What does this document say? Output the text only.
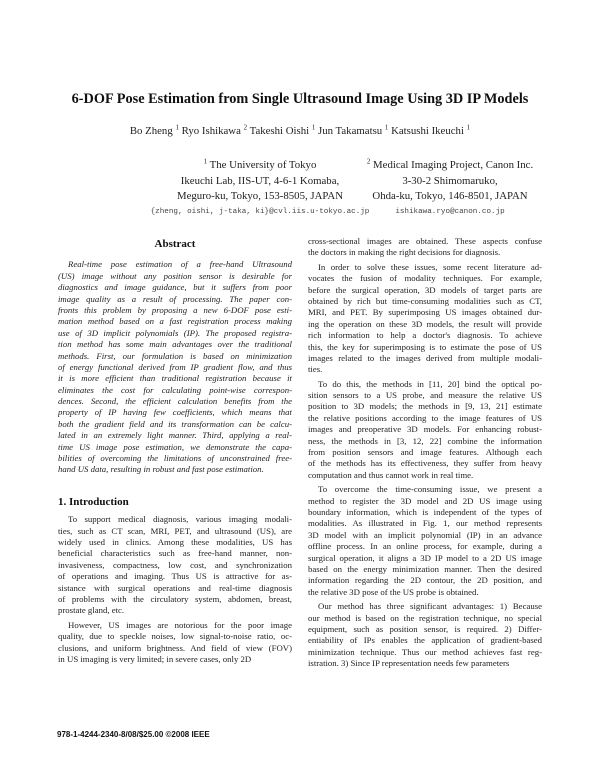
6-DOF Pose Estimation from Single Ultrasound Image Using 3D IP Models
Bo Zheng $^1$ Ryo Ishikawa $^2$ Takeshi Oishi $^1$ Jun Takamatsu $^1$ Katsushi Ikeuchi $^1$
$^1$ The University of Tokyo
Ikeuchi Lab, IIS-UT, 4-6-1 Komaba,
Meguro-ku, Tokyo, 153-8505, JAPAN
{zheng, oishi, j-taka, ki}@cvl.iis.u-tokyo.ac.jp
$^2$ Medical Imaging Project, Canon Inc.
3-30-2 Shimomaruko,
Ohda-ku, Tokyo, 146-8501, JAPAN
ishikawa.ryo@canon.co.jp
Abstract
Real-time pose estimation of a free-hand Ultrasound
(US) image without any position sensor is desirable for
diagnostics and image guidance, but it suffers from poor
image quality as a result of processing. The paper con-
fronts this problem by proposing a new 6-DOF pose esti-
mation method based on a fast registration process making
use of 3D implicit polynomials (IP). The proposed registra-
tion method has some main advantages over the traditional
methods. First, our formulation is based on minimization
of energy functional derived from IP gradient flow, and thus
it is more efficient than traditional registration because it
eliminates the cost for calculating point-wise correspon-
dences. Second, the efficient calculation benefits from the
property of IP having few coefficients, which means that
both the gradient field and its transformation can be calcu-
lated in an extremely light manner. Third, applying a real-
time US image pose estimation, we demonstrate the capa-
bilities of overcoming the limitations of unconstrained free-
hand US data, resulting in robust and fast pose estimation.
1. Introduction
To support medical diagnosis, various imaging modali-
ties, such as CT scan, MRI, PET, and ultrasound (US), are
widely used in clinics. Among these modalities, US has
beneficial characteristics such as free-hand manner, non-
invasiveness, compactness, low cost, and synchronization
of operations and imaging. Thus US is attractive for as-
sistance with surgical operations and real-time diagnosis
of problems with the circulatory system, abdomen, breast,
prostate gland, etc.
However, US images are notorious for the poor image
quality, due to speckle noises, low signal-to-noise ratio, oc-
clusions, and uniform brightness. And field of view (FOV)
in US imaging is very limited; in severe cases, only 2D
cross-sectional images are obtained. These aspects confuse
the doctors in making the right decisions for diagnosis.
In order to solve these issues, some recent literature ad-
vocates the fusion of modality techniques. For example,
before the surgical operation, 3D models of target parts are
obtained by rich but time-consuming modalities such as CT,
MRI, and PET. By superimposing US images obtained dur-
ing the operation on these 3D models, the result will provide
rich information to help a doctor's diagnosis. To achieve
this, the key for superimposing is to estimate the pose of US
images related to the images derived from multiple modali-
ties.
To do this, the methods in [11, 20] bind the optical po-
sition sensors to a US probe, and measure the relative US
position to 3D models; the methods in [9, 13, 21] estimate
the relative positions according to the image features of US
images and preoperative 3D models. For enhancing robust-
ness, the methods in [3, 12, 22] combine the information
from position sensors and image features. Although each
of the methods has its effectiveness, they suffer from heavy
computation and thus cannot work in real time.
To overcome the time-consuming issue, we present a
method to register the 3D model and 2D US image using
boundary information, which is independent of the types of
modalities. As illustrated in Fig. 1, our method represents
3D model with an implicit polynomial (IP) in an advance
offline process. In an online process, for example, during a
surgical operation, it aligns a 3D IP model to a 2D US image
based on the energy minimization manner. Then the desired
information regarding the 2D contour, the 2D position, and
the relative 3D pose of the US probe is obtained.
Our method has three significant advantages: 1) Because
our method is based on the registration technique, no special
equipment, such as position sensor, is required. 2) Differ-
entiability of IPs enables the application of gradient-based
minimization technique. Thus our method achieves fast reg-
istration. 3) Since IP representation needs few parameters
978-1-4244-2340-8/08/$25.00 ©2008 IEEE
